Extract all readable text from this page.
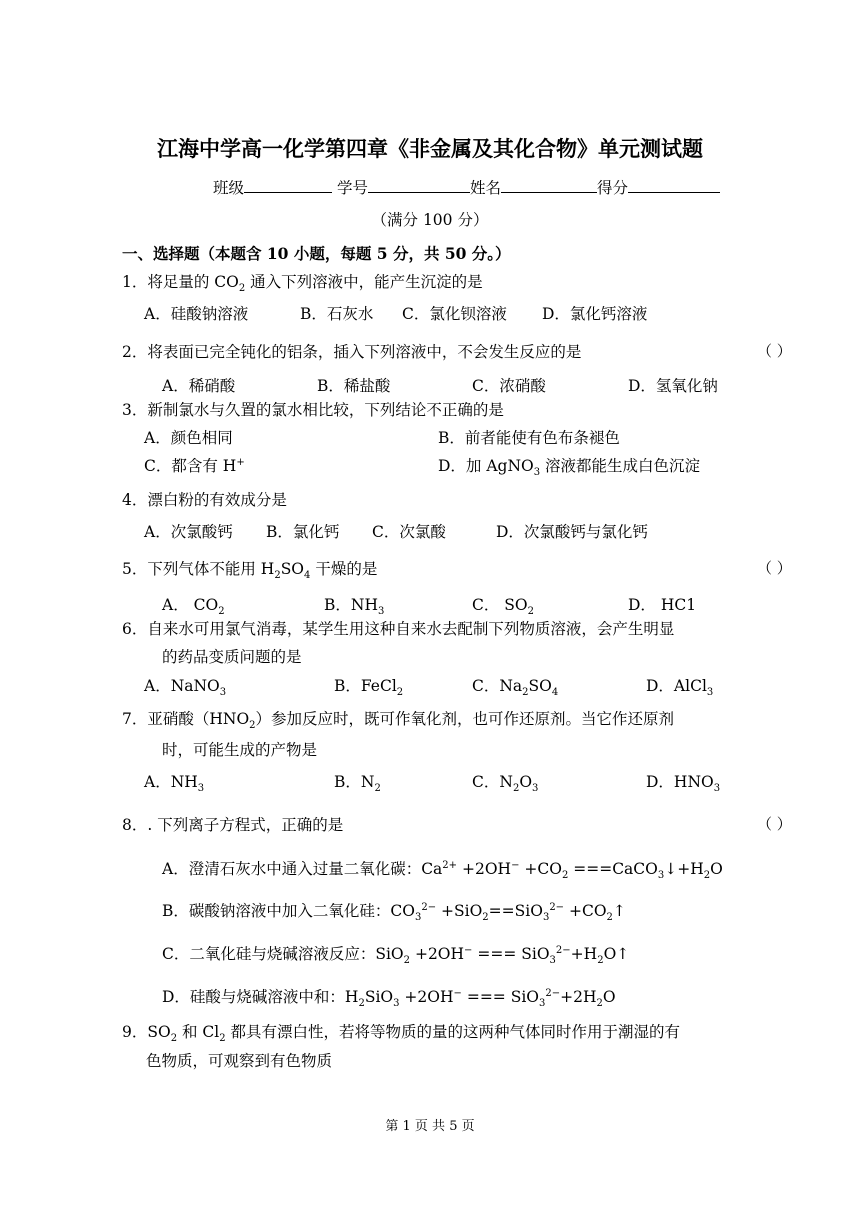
江海中学高一化学第四章《非金属及其化合物》单元测试题
班级	学号	姓名	得分
（满分 100 分）
一、选择题（本题含 10 小题，每题 5 分，共 50 分。）
1．将足量的 $CO_2$ 通入下列溶液中，能产生沉淀的是
A．硅酸钠溶液	B．石灰水 C．氯化钡溶液 D．氯化钙溶液
2．将表面已完全钝化的铝条，插入下列溶液中，不会发生反应的是	（ ）
A．稀硝酸	B．稀盐酸	C．浓硝酸	D．氢氧化钠
3．新制氯水与久置的氯水相比较，下列结论不正确的是
A．颜色相同	B．前者能使有色布条褪色
C．都含有 H+	D．加 AgNO$_3$ 溶液都能生成白色沉淀
4．漂白粉的有效成分是
A．次氯酸钙 B．氯化钙 C．次氯酸	D．次氯酸钙与氯化钙
5．下列气体不能用 $H_2SO_4$ 干燥的是	（ ）
A． $CO_2$	B．$NH_3$	C． $SO_2$	D． HC1
6．自来水可用氯气消毒，某学生用这种自来水去配制下列物质溶液，会产生明显
的药品变质问题的是
A．NaNO$_3$	B．FeCl$_2$	C．$Na_2SO_4$	D．AlCl$_3$
7．亚硝酸$(HNO_2)$参加反应时，既可作氧化剂，也可作还原剂。当它作还原剂
时，可能生成的产物是
A．$NH_3$	B．$N_2$	C．$N_2O_3$	D．$HNO_3$
8．. 下列离子方程式，正确的是	（ ）
A．澄清石灰水中通入过量二氧化碳：$Ca^{2+} +2OH^- +CO_2$ $===CaCO_3↓+H_2O$
B．碳酸钠溶液中加入二氧化硅：$CO_3^{2-} +SiO_2==SiO_3^{2-}$ $+CO_2↑$
C．二氧化硅与烧碱溶液反应：SiO$_2$ +2OH− === $SiO_3^{2-}+H_2O↑$
D．硅酸与烧碱溶液中和：$H_2SiO_3 +2OH^-$ === $SiO_3^{2-}+2H_2O$
9．$SO_2$ 和 $Cl_2$ 都具有漂白性，若将等物质的量的这两种气体同时作用于潮湿的有
色物质，可观察到有色物质
第 1 页 共 5 页
